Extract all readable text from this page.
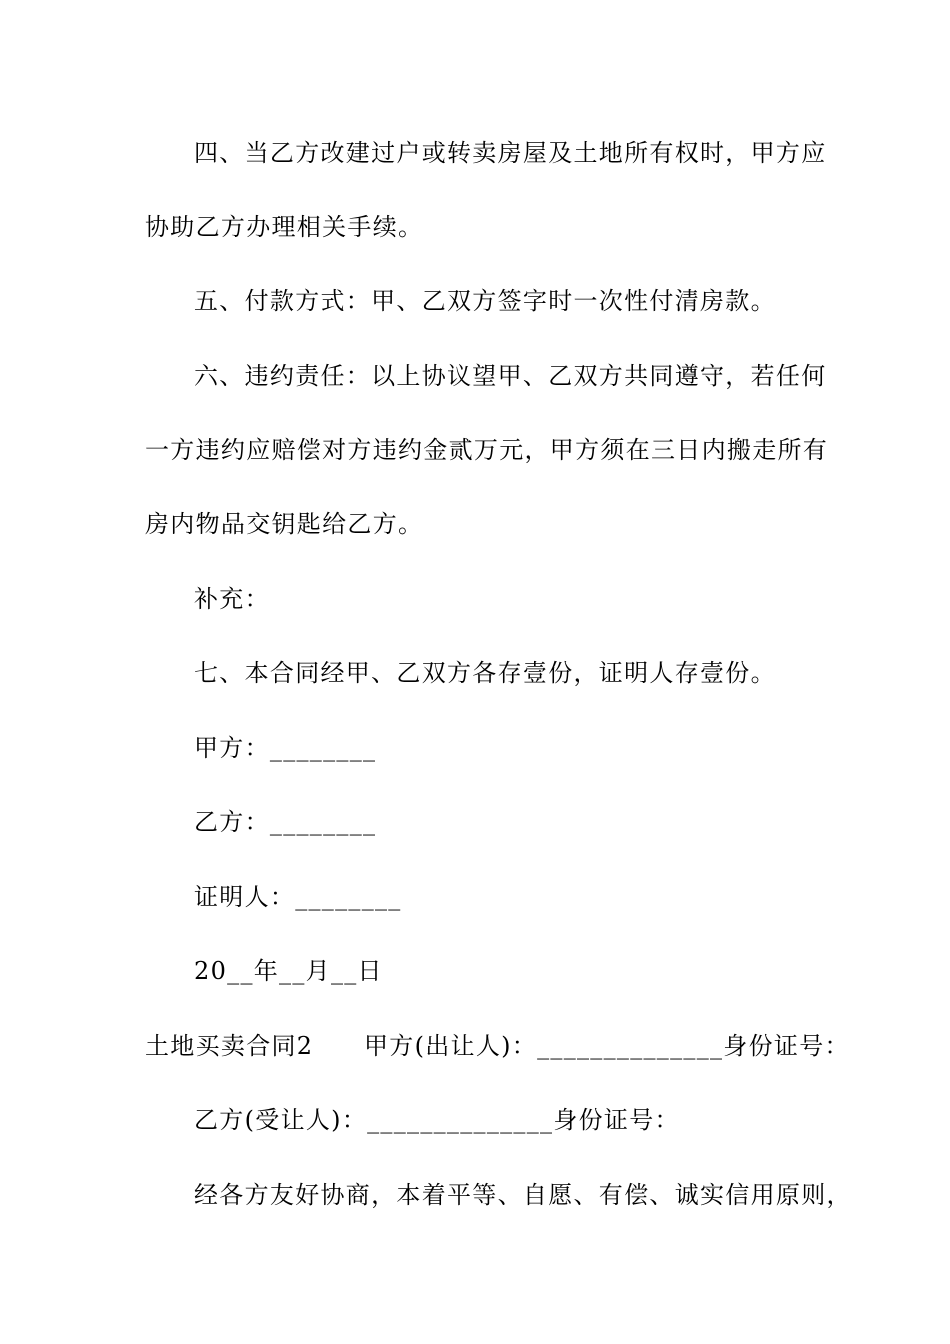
四、当乙方改建过户或转卖房屋及土地所有权时，甲方应
协助乙方办理相关手续。
五、付款方式：甲、乙双方签字时一次性付清房款。
六、违约责任：以上协议望甲、乙双方共同遵守，若任何
一方违约应赔偿对方违约金贰万元，甲方须在三日内搬走所有
房内物品交钥匙给乙方。
补充：
七、本合同经甲、乙双方各存壹份，证明人存壹份。
甲方：________
乙方：________
证明人：________
20__年__月__日
土地买卖合同2　　甲方(出让人)：______________身份证号：
乙方(受让人)：______________身份证号：
经各方友好协商，本着平等、自愿、有偿、诚实信用原则，
